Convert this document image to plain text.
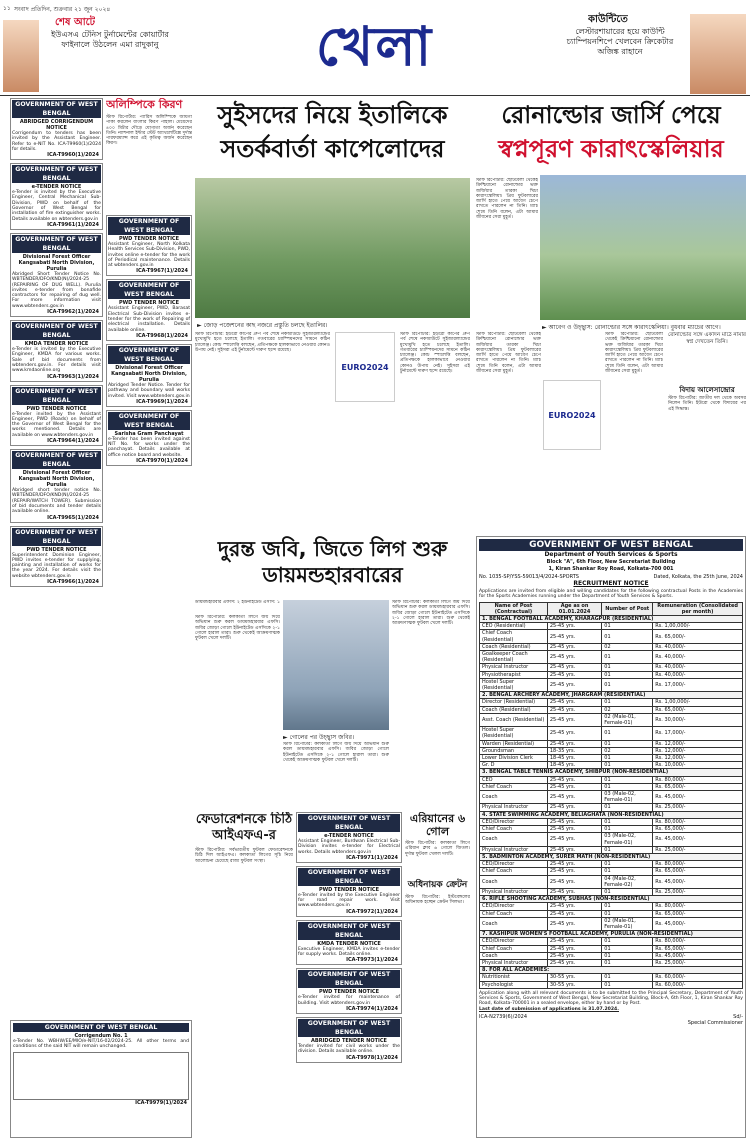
১১ সংবাদ প্রতিদিন, শুক্রবার ২১ জুন ২০২৪
শেষ আটে
ইউএসএ টেনিস টুর্নামেন্টের কোয়ার্টার ফাইনালে উঠলেন এমা রাদুকানু	খেলা	কাউন্টিতে
লেস্টারশায়ারের হয়ে কাউন্টি চ্যাম্পিয়নশিপে খেলবেন ক্রিকেটার অজিঙ্ক রাহানে
GOVERNMENT OF WEST BENGAL
ABRIDGED CORRIGENDUM NOTICE
Corrigendum to tenders has been invited by the Assistant Engineer. Refer to e-NIT No. ICA-T9960(1)/2024 for details.
ICA-T9960(1)/2024
GOVERNMENT OF WEST BENGAL
e-TENDER NOTICE
e-Tender is invited by the Executive Engineer, Central Mechanical Sub-Division, PWD on behalf of the Governor of West Bengal for installation of fire extinguisher works. Details available on wbtenders.gov.in
ICA-T9961(1)/2024
GOVERNMENT OF WEST BENGAL
Divisional Forest Officer Kangsabati North Division, Purulia
Abridged Short Tender Notice No. WBTENDER/DFO/KND(N)/2024-25 (REPAIRING OF DUG WELL). Purulia invites e-tender from bonafide contractors for repairing of dug well. For more information visit www.wbtenders.gov.in
ICA-T9962(1)/2024
GOVERNMENT OF WEST BENGAL
KMDA TENDER NOTICE
e-Tender is invited by the Executive Engineer, KMDA for various works. Sale of bid documents from wbtenders.gov.in. For details visit www.kmdaonline.org
ICA-T9963(1)/2024
GOVERNMENT OF WEST BENGAL
PWD TENDER NOTICE
e-Tender invited by the Assistant Engineer, PWD (Roads) on behalf of the Governor of West Bengal for the works mentioned. Details are available on www.wbtenders.gov.in
ICA-T9964(1)/2024
GOVERNMENT OF WEST BENGAL
Divisional Forest Officer Kangsabati North Division, Purulia
Abridged short tender notice No. WBTENDER/DFO/KND(N)/2024-25 (REPAIR/WATCH TOWER). Submission of bid documents and tender details available online.
ICA-T9965(1)/2024
GOVERNMENT OF WEST BENGAL
PWD TENDER NOTICE
Superintendent Dominion Engineer, PWD invites e-tender for supplying, painting and installation of works for the year 2024. For details visit the website wbtenders.gov.in
ICA-T9966(1)/2024
অলিম্পিকে কিরণ
স্টাফ রিপোর্টার: প্যারিস অলিম্পিকে জায়গা পাকা করলেন বাংলার কিরণ পাহাল। মেয়েদের ৪০০ মিটার দৌড়ে যোগ্যতা অর্জন করেছেন তিনি। ন্যাশনাল ইন্টার স্টেট অ্যাথলেটিক্সে দুর্দান্ত পারফরম্যান্স করে এই কৃতিত্ব অর্জন করেছেন কিরণ।
GOVERNMENT OF WEST BENGAL
PWD TENDER NOTICE
Assistant Engineer, North Kolkata Health Services Sub-Division, PWD, invites online e-tender for the work of Periodical maintenance. Details at wbtenders.gov.in
ICA-T9967(1)/2024
GOVERNMENT OF WEST BENGAL
PWD TENDER NOTICE
Assistant Engineer, PWD, Barasat Electrical Sub-Division invites e-tender for the work of Repairing of electrical installation. Details available online.
ICA-T9968(1)/2024
GOVERNMENT OF WEST BENGAL
Divisional Forest Officer Kangsabati North Division, Purulia
Abridged Tender Notice. Tender for pathway and boundary wall works invited. Visit www.wbtenders.gov.in
ICA-T9969(1)/2024
GOVERNMENT OF WEST BENGAL
Sarisha Gram Panchayat
e-Tender has been invited against NIT No. for works under the panchayat. Details available at office notice board and website.
ICA-T9970(1)/2024
সুইসদের নিয়ে ইতালিকে
সতর্কবার্তা কাপেলোদের
► জোড় পজেশনের কাছ নজরে প্রস্তুতি চলছে ইতালির।
স্টাফ রিপোর্টার: ইউরো কাপের গ্রুপ পর্ব শেষে নকআউটে সুইজারল্যান্ডের মুখোমুখি হতে চলেছে ইতালি। গতবারের চ্যাম্পিয়নদের সামনে কঠিন চ্যালেঞ্জ। কোচ স্পালেত্তি বলছেন, প্রতিপক্ষকে হালকাভাবে নেওয়ার কোনও উপায় নেই। সুইসরা এই টুর্নামেন্টে দারুণ ছন্দে রয়েছে।
EURO2024
স্টাফ রিপোর্টার: ইউরো কাপের গ্রুপ পর্ব শেষে নকআউটে সুইজারল্যান্ডের মুখোমুখি হতে চলেছে ইতালি। গতবারের চ্যাম্পিয়নদের সামনে কঠিন চ্যালেঞ্জ। কোচ স্পালেত্তি বলছেন, প্রতিপক্ষকে হালকাভাবে নেওয়ার কোনও উপায় নেই। সুইসরা এই টুর্নামেন্টে দারুণ ছন্দে রয়েছে।
রোনাল্ডোর জার্সি পেয়ে
স্বপ্নপূরণ কারাৎস্কেলিয়ার
স্টাফ রিপোর্টার: ছোটবেলা থেকেই ক্রিশ্চিয়ানো রোনাল্ডোর ভক্ত জর্জিয়ার তারকা খিচা কারাৎস্কেলিয়া। প্রিয় ফুটবলারের জার্সি হাতে পেয়ে আবেগ চেপে রাখতে পারলেন না তিনি। ম্যাচ শেষে তিনি বলেন, এটা আমার জীবনের সেরা মুহূর্ত।
► আবেগ ও উচ্ছ্বাস: রোনাল্ডোর সঙ্গে কারাৎস্কেলিয়া। বুধবার ম্যাচের আগে।
স্টাফ রিপোর্টার: ছোটবেলা থেকেই ক্রিশ্চিয়ানো রোনাল্ডোর ভক্ত জর্জিয়ার তারকা খিচা কারাৎস্কেলিয়া। প্রিয় ফুটবলারের জার্সি হাতে পেয়ে আবেগ চেপে রাখতে পারলেন না তিনি। ম্যাচ শেষে তিনি বলেন, এটা আমার জীবনের সেরা মুহূর্ত।
EURO2024
স্টাফ রিপোর্টার: ছোটবেলা থেকেই ক্রিশ্চিয়ানো রোনাল্ডোর ভক্ত জর্জিয়ার তারকা খিচা কারাৎস্কেলিয়া। প্রিয় ফুটবলারের জার্সি হাতে পেয়ে আবেগ চেপে রাখতে পারলেন না তিনি। ম্যাচ শেষে তিনি বলেন, এটা আমার জীবনের সেরা মুহূর্ত।
রোনাল্ডোর সঙ্গে একদিন মাঠে নামার স্বপ্ন দেখতেন তিনি।
বিদায় আলেসান্দ্রোর
স্টাফ রিপোর্টার: জাতীয় দল থেকে অবসর নিলেন তিনি। ইউরো থেকে বিদায়ের পর এই সিদ্ধান্ত।
দুরন্ত জবি, জিতে লিগ শুরু ডায়মন্ডহারবারের
ডায়মন্ডহারবার এফসি: ২ ইউনাইটেড এসসি: ১
স্টাফ রিপোর্টার: কলকাতা লিগে জয় দিয়ে অভিযান শুরু করল ডায়মন্ডহারবার এফসি। জবির জোড়া গোলে ইউনাইটেড এসসিকে ২-১ গোলে হারাল তারা। শুরু থেকেই আক্রমণাত্মক ফুটবল খেলে দলটি।
► গোলের পর উচ্ছ্বাস জবির।
স্টাফ রিপোর্টার: কলকাতা লিগে জয় দিয়ে অভিযান শুরু করল ডায়মন্ডহারবার এফসি। জবির জোড়া গোলে ইউনাইটেড এসসিকে ২-১ গোলে হারাল তারা। শুরু থেকেই আক্রমণাত্মক ফুটবল খেলে দলটি।
স্টাফ রিপোর্টার: কলকাতা লিগে জয় দিয়ে অভিযান শুরু করল ডায়মন্ডহারবার এফসি। জবির জোড়া গোলে ইউনাইটেড এসসিকে ২-১ গোলে হারাল তারা। শুরু থেকেই আক্রমণাত্মক ফুটবল খেলে দলটি।
ফেডারেশনকে চিঠি আইএফএ-র
স্টাফ রিপোর্টার: সর্বভারতীয় ফুটবল ফেডারেশনকে চিঠি দিল আইএফএ। কলকাতা লিগের সূচি নিয়ে আলোচনা চেয়েছে রাজ্য ফুটবল সংস্থা।
GOVERNMENT OF WEST BENGAL
e-TENDER NOTICE
Assistant Engineer, Burdwan Electrical Sub-Division invites e-tender for Electrical works. Details wbtenders.gov.in
ICA-T9971(1)/2024
GOVERNMENT OF WEST BENGAL
PWD TENDER NOTICE
e-Tender invited by the Executive Engineer for road repair work. Visit www.wbtenders.gov.in
ICA-T9972(1)/2024
GOVERNMENT OF WEST BENGAL
KMDA TENDER NOTICE
Executive Engineer, KMDA invites e-tender for supply works. Details online.
ICA-T9973(1)/2024
GOVERNMENT OF WEST BENGAL
PWD TENDER NOTICE
e-Tender invited for maintenance of building. Visit wbtenders.gov.in
ICA-T9974(1)/2024
GOVERNMENT OF WEST BENGAL
ABRIDGED TENDER NOTICE
Tender invited for civil works under the division. Details available online.
ICA-T9978(1)/2024
এরিয়ানের ৬ গোল
স্টাফ রিপোর্টার: কলকাতা লিগে এরিয়ান ক্লাব ৬ গোলে জিতল। দুর্দান্ত ফুটবল খেলল দলটি।
অধিনায়ক ক্রেটন
স্টাফ রিপোর্টার: ইস্টবেঙ্গলের অধিনায়ক হচ্ছেন ক্রেটন সিলভা।
GOVERNMENT OF WEST BENGAL
Department of Youth Services & Sports
Block "A", 6th Floor, New Secretariat Building
1, Kiran Shankar Roy Road, Kolkata-700 001
No. 1035-SP/YSS-59013/4/2024-SPORTS	Dated, Kolkata, the 25th June, 2024
RECRUITMENT NOTICE
Applications are invited from eligible and willing candidates for the following contractual Posts in the Academies for the Sports Academies running under the Department of Youth Services & Sports.
Name of Post (Contractual)	Age as on 01.01.2024	Number of Post	Remuneration (Consolidated per month)
1. BENGAL FOOTBALL ACADEMY, KHARAGPUR (RESIDENTIAL)			
CEO (Residential)	25-45 yrs.	01	Rs. 1,00,000/-
Chief Coach (Residential)	25-45 yrs.	01	Rs. 65,000/-
Coach (Residential)	25-45 yrs.	02	Rs. 40,000/-
Goalkeeper Coach (Residential)	25-45 yrs.	01	Rs. 40,000/-
Physical Instructor	25-45 yrs.	01	Rs. 40,000/-
Physiotherapist	25-45 yrs.	01	Rs. 40,000/-
Hostel Super (Residential)	25-45 yrs.	01	Rs. 17,000/-
2. BENGAL ARCHERY ACADEMY, JHARGRAM (RESIDENTIAL)			
Director (Residential)	25-45 yrs.	01	Rs. 1,00,000/-
Coach (Residential)	25-45 yrs.	02	Rs. 65,000/-
Asst. Coach (Residential)	25-45 yrs.	02 (Male-01, Female-01)	Rs. 30,000/-
Hostel Super (Residential)	25-45 yrs.	01	Rs. 17,000/-
Warden (Residential)	25-45 yrs.	01	Rs. 12,000/-
Groundsman	18-35 yrs.	02	Rs. 12,000/-
Lower Division Clerk	18-45 yrs.	01	Rs. 12,000/-
Gr. D	18-45 yrs.	01	Rs. 10,000/-
3. BENGAL TABLE TENNIS ACADEMY, SHIBPUR (NON-RESIDENTIAL)			
CEO	25-45 yrs.	01	Rs. 80,000/-
Chief Coach	25-45 yrs.	01	Rs. 65,000/-
Coach	25-45 yrs.	03 (Male-02, Female-01)	Rs. 45,000/-
Physical Instructor	25-45 yrs.	01	Rs. 25,000/-
4. STATE SWIMMING ACADEMY, BELIAGHATA (NON-RESIDENTIAL)			
CEO/Director	25-45 yrs.	01	Rs. 80,000/-
Chief Coach	25-45 yrs.	01	Rs. 65,000/-
Coach	25-45 yrs.	03 (Male-02, Female-01)	Rs. 45,000/-
Physical Instructor	25-45 yrs.	01	Rs. 25,000/-
5. BADMINTON ACADEMY, SURER MATH (NON-RESIDENTIAL)			
CEO/Director	25-45 yrs.	01	Rs. 80,000/-
Chief Coach	25-45 yrs.	01	Rs. 65,000/-
Coach	25-45 yrs.	04 (Male-02, Female-02)	Rs. 45,000/-
Physical Instructor	25-45 yrs.	01	Rs. 25,000/-
6. RIFLE SHOOTING ACADEMY, SUBHAS (NON-RESIDENTIAL)			
CEO/Director	25-45 yrs.	01	Rs. 80,000/-
Chief Coach	25-45 yrs.	01	Rs. 65,000/-
Coach	25-45 yrs.	02 (Male-01, Female-01)	Rs. 45,000/-
7. KASHIPUR WOMEN'S FOOTBALL ACADEMY, PURULIA (NON-RESIDENTIAL)			
CEO/Director	25-45 yrs.	01	Rs. 80,000/-
Chief Coach	25-45 yrs.	01	Rs. 65,000/-
Coach	25-45 yrs.	01	Rs. 45,000/-
Physical Instructor	25-45 yrs.	01	Rs. 25,000/-
8. FOR ALL ACADEMIES:			
Nutritionist	30-55 yrs.	01	Rs. 60,000/-
Psychologist	30-55 yrs.	01	Rs. 60,000/-
Application along with all relevant documents is to be submitted to the Principal Secretary, Department of Youth Services & Sports, Government of West Bengal, New Secretariat Building, Block-A, 6th Floor, 1, Kiran Shankar Roy Road, Kolkata-700001 in a sealed envelope, either by hand or by Post.
Last date of submission of applications is 31.07.2024.
ICA-N2739(6)/2024	Sd/-
Special Commissioner
GOVERNMENT OF WEST BENGAL
Corrigendum No. 1
e-Tender No. WBHW/EE/MIO/e-NIT/16-02/2024-25. All other terms and conditions of the said NIT will remain unchanged.
ICA-T9979(1)/2024
